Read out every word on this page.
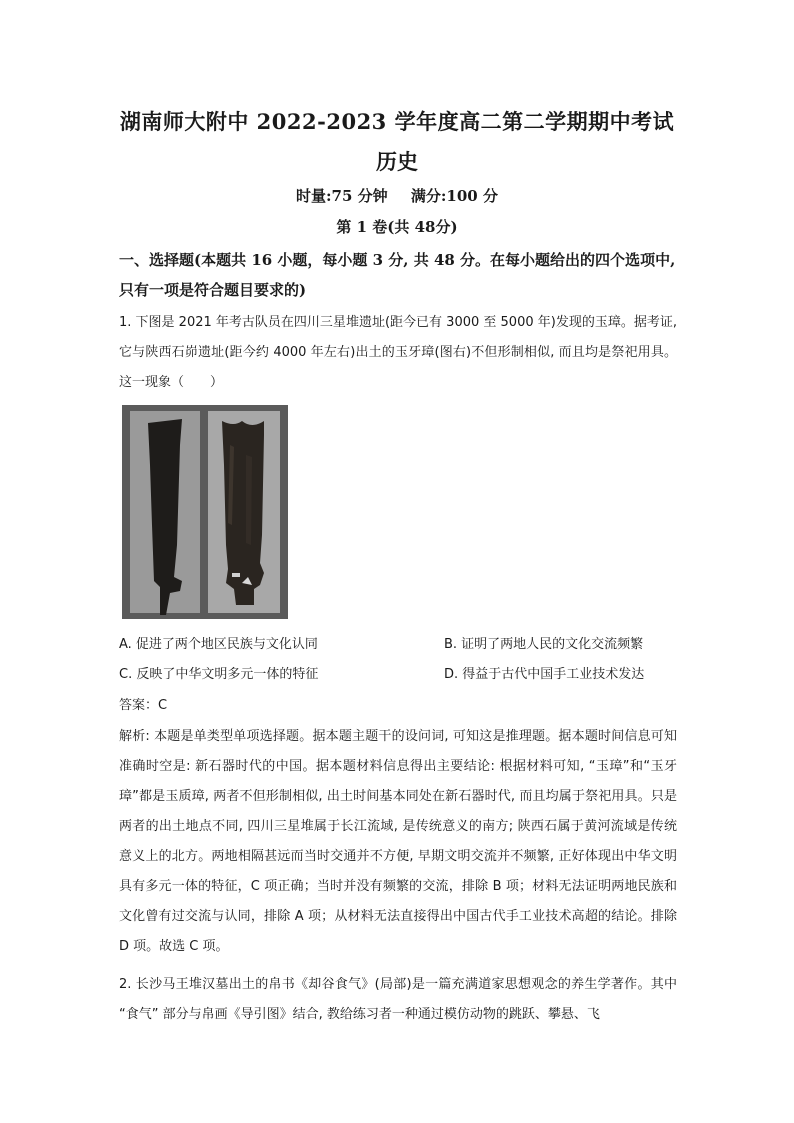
湖南师大附中 2022-2023 学年度高二第二学期期中考试
历史
时量:75 分钟 满分:100 分
第 1 卷(共 48分)
一、选择题(本题共 16 小题，每小题 3 分, 共 48 分。在每小题给出的四个选项中, 只有一项是符合题目要求的)
1. 下图是 2021 年考古队员在四川三星堆遗址(距今已有 3000 至 5000 年)发现的玉璋。据考证, 它与陕西石峁遗址(距今约 4000 年左右)出土的玉牙璋(图右)不但形制相似, 而且均是祭祀用具。这一现象（　　）
A. 促进了两个地区民族与文化认同	B. 证明了两地人民的文化交流频繁
C. 反映了中华文明多元一体的特征	D. 得益于古代中国手工业技术发达
答案：C
解析: 本题是单类型单项选择题。据本题主题干的设问词, 可知这是推理题。据本题时间信息可知准确时空是: 新石器时代的中国。据本题材料信息得出主要结论: 根据材料可知, “玉璋”和“玉牙璋”都是玉质璋, 两者不但形制相似, 出土时间基本同处在新石器时代, 而且均属于祭祀用具。只是两者的出土地点不同, 四川三星堆属于长江流域, 是传统意义的南方; 陕西石属于黄河流域是传统意义上的北方。两地相隔甚远而当时交通并不方便, 早期文明交流并不频繁, 正好体现出中华文明具有多元一体的特征，C 项正确；当时并没有频繁的交流，排除 B 项；材料无法证明两地民族和文化曾有过交流与认同，排除 A 项；从材料无法直接得出中国古代手工业技术高超的结论。排除 D 项。故选 C 项。
2. 长沙马王堆汉墓出土的帛书《却谷食气》(局部)是一篇充满道家思想观念的养生学著作。其中 “食气” 部分与帛画《导引图》结合, 教给练习者一种通过模仿动物的跳跃、攀悬、飞
